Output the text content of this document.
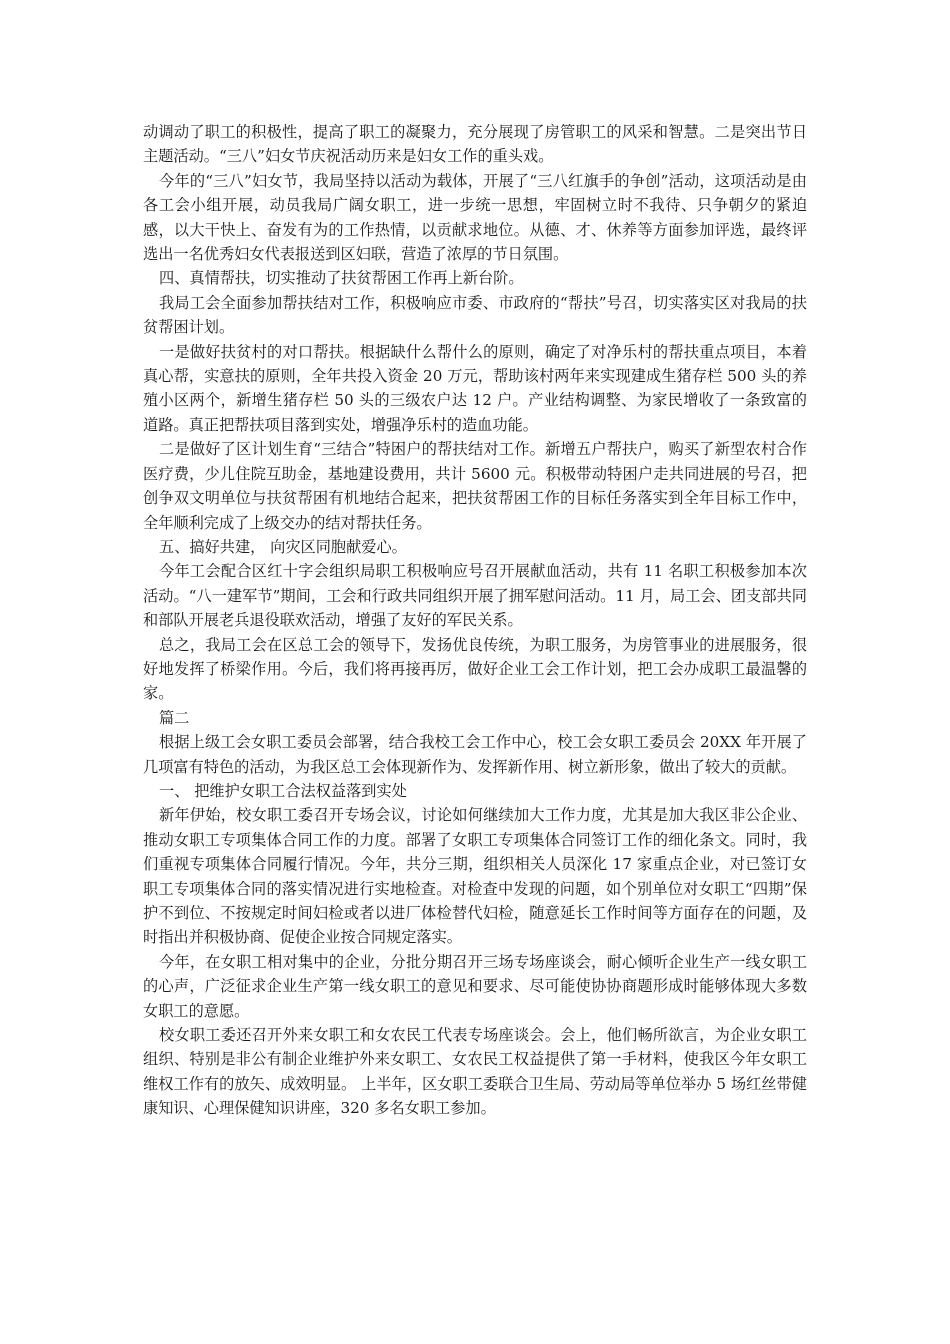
动调动了职工的积极性，提高了职工的凝聚力，充分展现了房管职工的风采和智慧。二是突出节日主题活动。“三八”妇女节庆祝活动历来是妇女工作的重头戏。

今年的“三八”妇女节，我局坚持以活动为载体，开展了“三八红旗手的争创”活动，这项活动是由各工会小组开展，动员我局广阔女职工，进一步统一思想，牢固树立时不我待、只争朝夕的紧迫感，以大干快上、奋发有为的工作热情，以贡献求地位。从德、才、休养等方面参加评选，最终评选出一名优秀妇女代表报送到区妇联，营造了浓厚的节日氛围。

四、真情帮扶，切实推动了扶贫帮困工作再上新台阶。

我局工会全面参加帮扶结对工作，积极响应市委、市政府的“帮扶”号召，切实落实区对我局的扶贫帮困计划。

一是做好扶贫村的对口帮扶。根据缺什么帮什么的原则，确定了对净乐村的帮扶重点项目，本着真心帮，实意扶的原则，全年共投入资金 20 万元，帮助该村两年来实现建成生猪存栏 500 头的养殖小区两个，新增生猪存栏 50 头的三级农户达 12 户。产业结构调整、为家民增收了一条致富的道路。真正把帮扶项目落到实处，增强净乐村的造血功能。

二是做好了区计划生育“三结合”特困户的帮扶结对工作。新增五户帮扶户，购买了新型农村合作医疗费，少儿住院互助金，基地建设费用，共计 5600 元。积极带动特困户走共同进展的号召，把创争双文明单位与扶贫帮困有机地结合起来，把扶贫帮困工作的目标任务落实到全年目标工作中，全年顺利完成了上级交办的结对帮扶任务。

五、搞好共建， 向灾区同胞献爱心。

今年工会配合区红十字会组织局职工积极响应号召开展献血活动，共有 11 名职工积极参加本次活动。“八一建军节”期间，工会和行政共同组织开展了拥军慰问活动。11 月，局工会、团支部共同和部队开展老兵退役联欢活动，增强了友好的军民关系。

总之，我局工会在区总工会的领导下，发扬优良传统，为职工服务，为房管事业的进展服务，很好地发挥了桥梁作用。今后，我们将再接再厉，做好企业工会工作计划，把工会办成职工最温馨的家。

篇二

根据上级工会女职工委员会部署，结合我校工会工作中心，校工会女职工委员会 20XX 年开展了几项富有特色的活动，为我区总工会体现新作为、发挥新作用、树立新形象，做出了较大的贡献。

一、 把维护女职工合法权益落到实处

新年伊始，校女职工委召开专场会议，讨论如何继续加大工作力度，尤其是加大我区非公企业、推动女职工专项集体合同工作的力度。部署了女职工专项集体合同签订工作的细化条文。同时，我们重视专项集体合同履行情况。今年，共分三期，组织相关人员深化 17 家重点企业，对已签订女职工专项集体合同的落实情况进行实地检查。对检查中发现的问题，如个别单位对女职工“四期”保护不到位、不按规定时间妇检或者以进厂体检替代妇检，随意延长工作时间等方面存在的问题，及时指出并积极协商、促使企业按合同规定落实。

今年，在女职工相对集中的企业，分批分期召开三场专场座谈会，耐心倾听企业生产一线女职工的心声，广泛征求企业生产第一线女职工的意见和要求、尽可能使协协商题形成时能够体现大多数女职工的意愿。

校女职工委还召开外来女职工和女农民工代表专场座谈会。会上，他们畅所欲言，为企业女职工组织、特别是非公有制企业维护外来女职工、女农民工权益提供了第一手材料，使我区今年女职工维权工作有的放矢、成效明显。 上半年，区女职工委联合卫生局、劳动局等单位举办 5 场红丝带健康知识、心理保健知识讲座，320 多名女职工参加。
